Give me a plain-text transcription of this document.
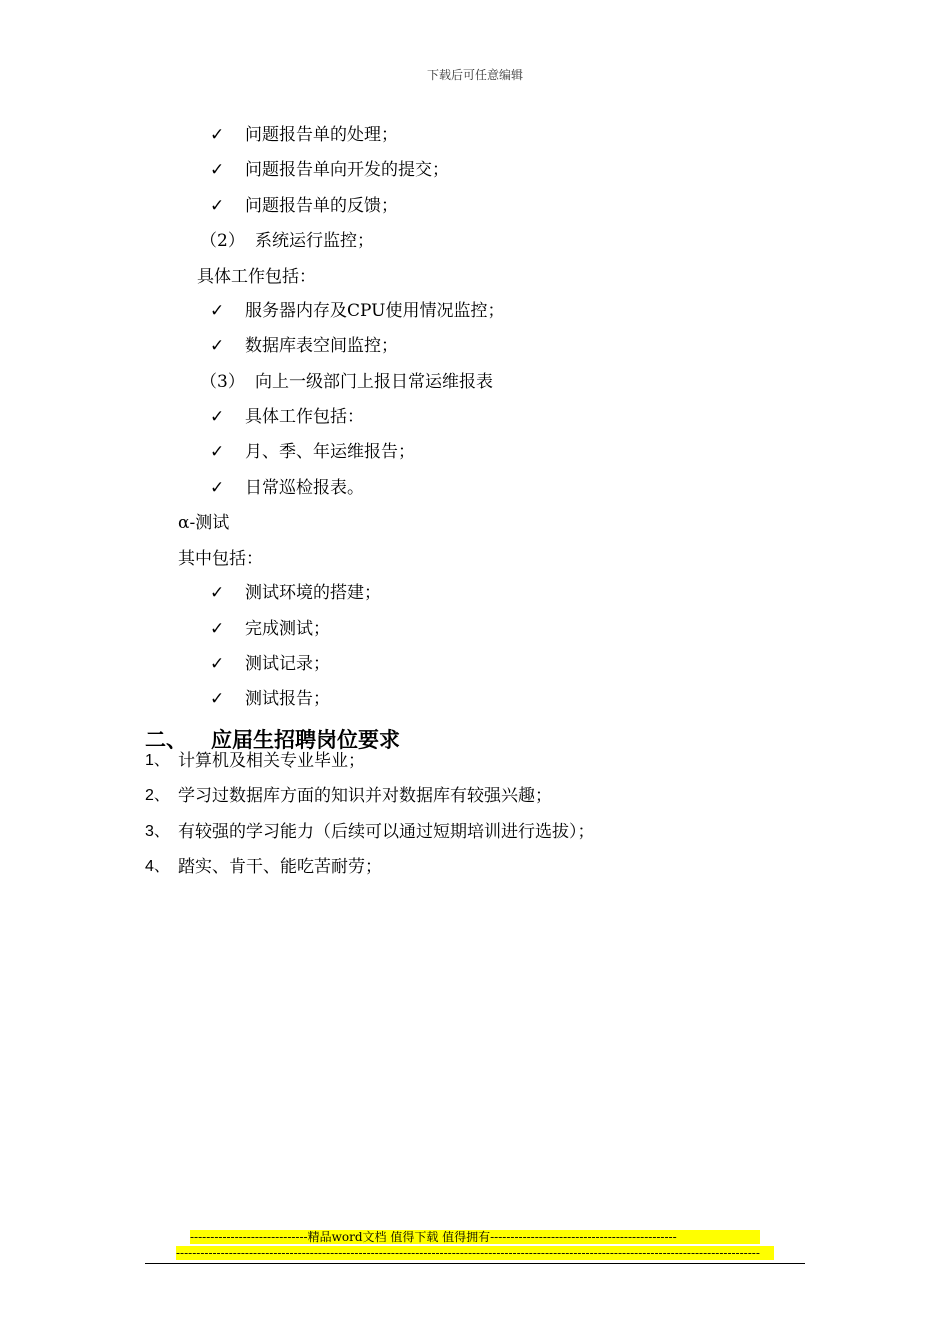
下载后可任意编辑
✓ 问题报告单的处理；
✓ 问题报告单向开发的提交；
✓ 问题报告单的反馈；
（2） 系统运行监控；
具体工作包括：
✓ 服务器内存及CPU使用情况监控；
✓ 数据库表空间监控；
（3） 向上一级部门上报日常运维报表
✓ 具体工作包括：
✓ 月、季、年运维报告；
✓ 日常巡检报表。
α-测试
其中包括：
✓ 测试环境的搭建；
✓ 完成测试；
✓ 测试记录；
✓ 测试报告；
二、 应届生招聘岗位要求
1、 计算机及相关专业毕业；
2、 学习过数据库方面的知识并对数据库有较强兴趣；
3、 有较强的学习能力（后续可以通过短期培训进行选拔）；
4、 踏实、肯干、能吃苦耐劳；
-----------------------------精品word文档 值得下载 值得拥有----------------------------------------------
------------------------------------------------------------------------------------------------------------------------------------------------
